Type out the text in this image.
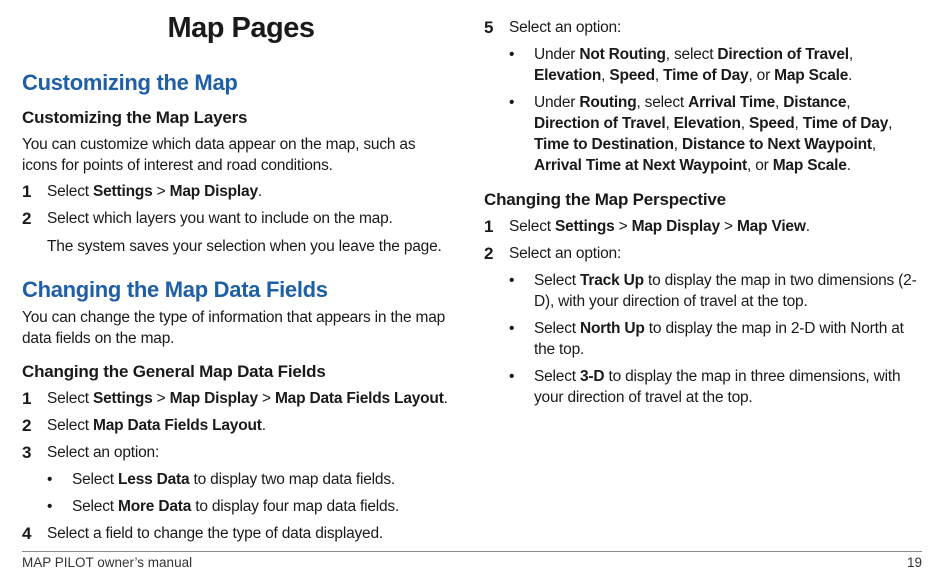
Map Pages
Customizing the Map
Customizing the Map Layers

You can customize which data appear on the map, such as icons for points of interest and road conditions.

1 Select Settings > Map Display.
2 Select which layers you want to include on the map.

The system saves your selection when you leave the page.

Changing the Map Data Fields

You can change the type of information that appears in the map data fields on the map.

Changing the General Map Data Fields
1 Select Settings > Map Display > Map Data Fields Layout.
2 Select Map Data Fields Layout.
3 Select an option:
• Select Less Data to display two map data fields.
• Select More Data to display four map data fields.
4 Select a field to change the type of data displayed.
5 Select an option:
• Under Not Routing, select Direction of Travel,
Elevation, Speed, Time of Day, or Map Scale.
• Under Routing, select Arrival Time, Distance,
Direction of Travel, Elevation, Speed, Time of Day,
Time to Destination, Distance to Next Waypoint,
Arrival Time at Next Waypoint, or Map Scale.
Changing the Map Perspective
1 Select Settings > Map Display > Map View.
2 Select an option:
• Select Track Up to display the map in two dimensions (2-D), with your direction of travel at the top.
• Select North Up to display the map in 2-D with North at the top.
• Select 3-D to display the map in three dimensions, with your direction of travel at the top.
MAP PILOT owner’s manual	19
